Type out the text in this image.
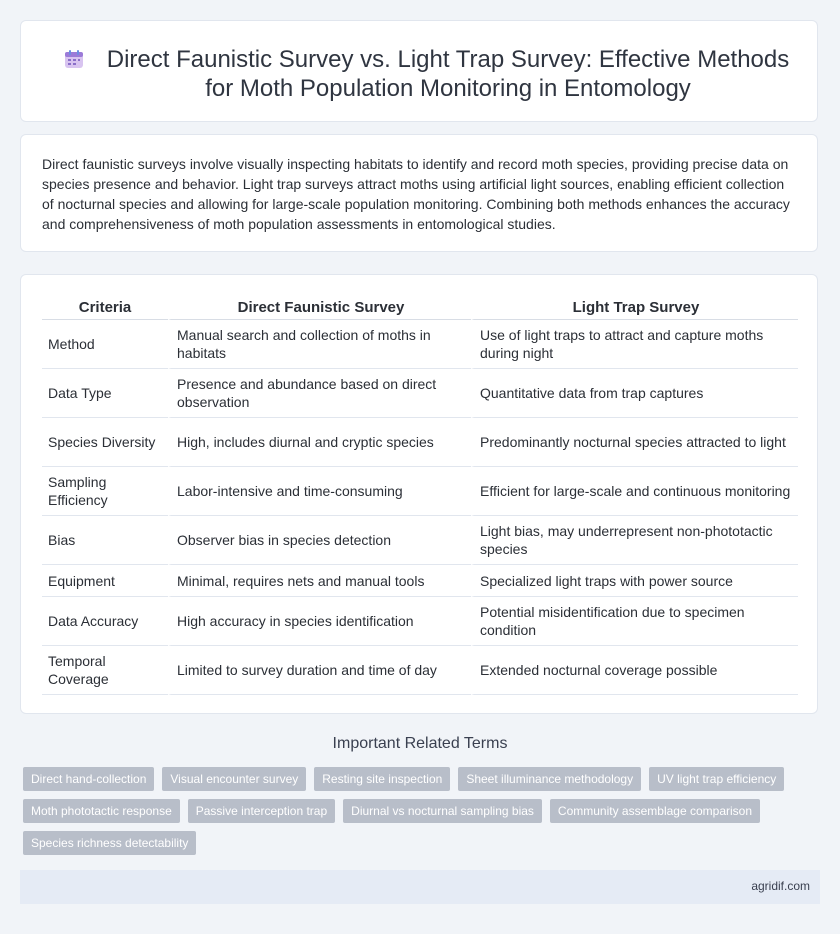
Direct Faunistic Survey vs. Light Trap Survey: Effective Methods for Moth Population Monitoring in Entomology

Direct faunistic surveys involve visually inspecting habitats to identify and record moth species, providing precise data on species presence and behavior. Light trap surveys attract moths using artificial light sources, enabling efficient collection of nocturnal species and allowing for large-scale population monitoring. Combining both methods enhances the accuracy and comprehensiveness of moth population assessments in entomological studies.

Criteria	Direct Faunistic Survey	Light Trap Survey
Method	Manual search and collection of moths in habitats	Use of light traps to attract and capture moths during night
Data Type	Presence and abundance based on direct observation	Quantitative data from trap captures
Species Diversity	High, includes diurnal and cryptic species	Predominantly nocturnal species attracted to light
Sampling Efficiency	Labor-intensive and time-consuming	Efficient for large-scale and continuous monitoring
Bias	Observer bias in species detection	Light bias, may underrepresent non-phototactic species
Equipment	Minimal, requires nets and manual tools	Specialized light traps with power source
Data Accuracy	High accuracy in species identification	Potential misidentification due to specimen condition
Temporal Coverage	Limited to survey duration and time of day	Extended nocturnal coverage possible
Important Related Terms
Direct hand-collection	Visual encounter survey	Resting site inspection	Sheet illuminance methodology	UV light trap efficiency
Moth phototactic response	Passive interception trap	Diurnal vs nocturnal sampling bias	Community assemblage comparison
Species richness detectability
agridif.com
